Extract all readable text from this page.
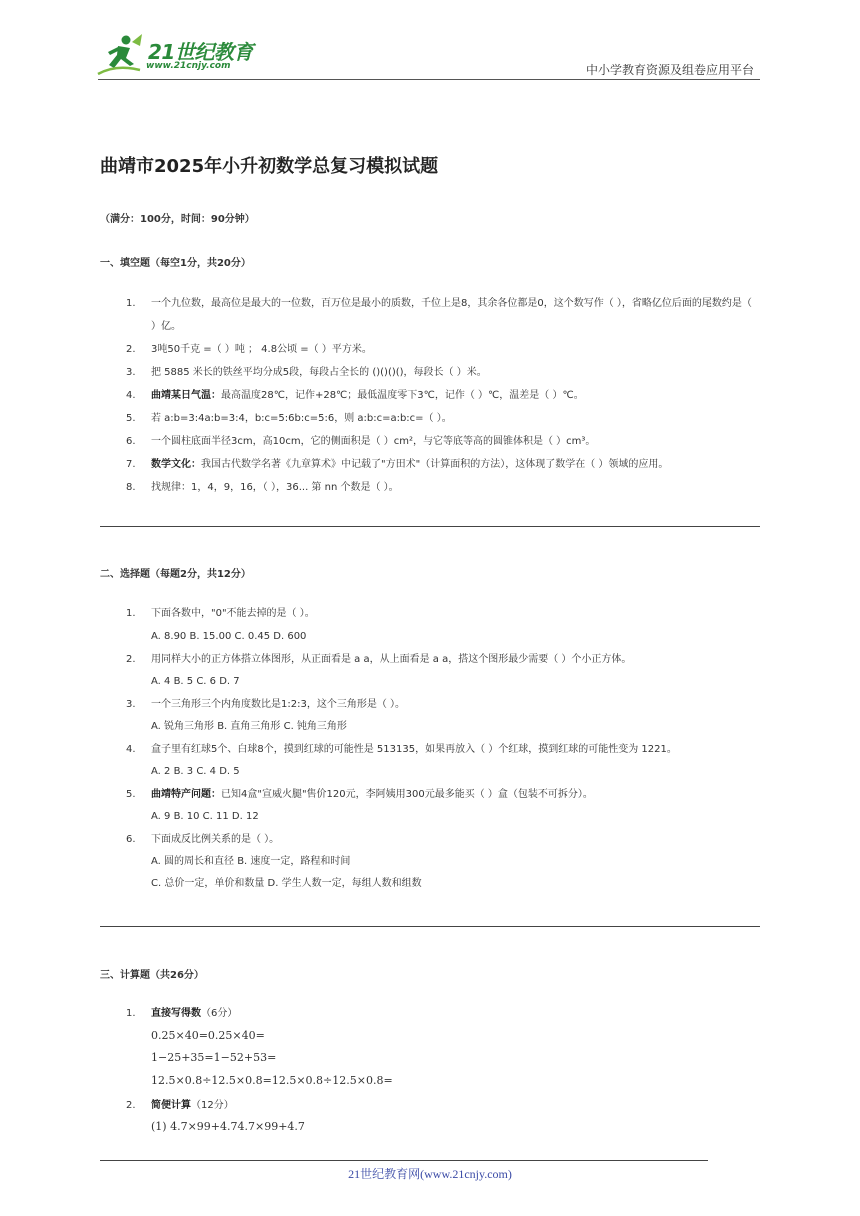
21世纪教育
www.21cnjy.com	中小学教育资源及组卷应用平台
曲靖市2025年小升初数学总复习模拟试题
（满分：100分，时间：90分钟）
一、填空题（每空1分，共20分）
1.	一个九位数，最高位是最大的一位数，百万位是最小的质数，千位上是8，其余各位都是0，这个数写作（ ），省略亿位后面的尾数约是（ ）亿。
2.	3吨50千克 =（ ）吨 ； 4.8公顷 =（ ）平方米。
3.	把 5885 米长的铁丝平均分成5段，每段占全长的 ()()()()，每段长（ ）米。
4.	曲靖某日气温：最高温度28℃，记作+28℃；最低温度零下3℃，记作（ ）℃，温差是（ ）℃。
5.	若 a:b=3:4a:b=3:4，b:c=5:6b:c=5:6，则 a:b:c=a:b:c=（ ）。
6.	一个圆柱底面半径3cm，高10cm，它的侧面积是（ ）cm²，与它等底等高的圆锥体积是（ ）cm³。
7.	数学文化：我国古代数学名著《九章算术》中记载了"方田术"（计算面积的方法），这体现了数学在（ ）领域的应用。
8.	找规律：1，4，9，16，（ ），36... 第 nn 个数是（ ）。
二、选择题（每题2分，共12分）
1.	下面各数中，"0"不能去掉的是（ ）。
A. 8.90 B. 15.00 C. 0.45 D. 600
2.	用同样大小的正方体搭立体图形，从正面看是 a a，从上面看是 a a，搭这个图形最少需要（ ）个小正方体。
A. 4 B. 5 C. 6 D. 7
3.	一个三角形三个内角度数比是1:2:3，这个三角形是（ ）。
A. 锐角三角形 B. 直角三角形 C. 钝角三角形
4.	盒子里有红球5个、白球8个，摸到红球的可能性是 513135，如果再放入（ ）个红球，摸到红球的可能性变为 1221。
A. 2 B. 3 C. 4 D. 5
5.	曲靖特产问题：已知4盒"宣威火腿"售价120元，李阿姨用300元最多能买（ ）盒（包装不可拆分）。
A. 9 B. 10 C. 11 D. 12
6.	下面成反比例关系的是（ ）。
A. 圆的周长和直径 B. 速度一定，路程和时间
C. 总价一定，单价和数量 D. 学生人数一定，每组人数和组数
三、计算题（共26分）
1.	直接写得数（6分）
0.25×40=0.25×40=
1−25+35=1−52+53=
12.5×0.8÷12.5×0.8=12.5×0.8÷12.5×0.8=
2.	简便计算（12分）
(1) 4.7×99+4.74.7×99+4.7
21世纪教育网(www.21cnjy.com)
